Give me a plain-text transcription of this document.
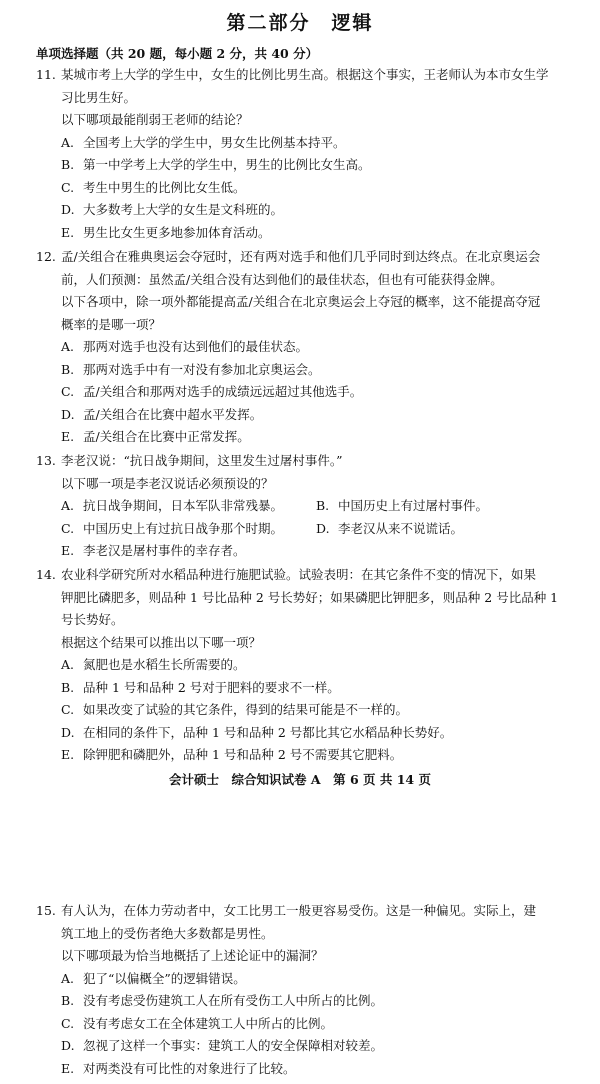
第二部分　逻辑
单项选择题（共 20 题，每小题 2 分，共 40 分）
11. 某城市考上大学的学生中，女生的比例比男生高。根据这个事实，王老师认为本市女生学
习比男生好。
以下哪项最能削弱王老师的结论？
A. 全国考上大学的学生中，男女生比例基本持平。
B. 第一中学考上大学的学生中，男生的比例比女生高。
C. 考生中男生的比例比女生低。
D. 大多数考上大学的女生是文科班的。
E. 男生比女生更多地参加体育活动。
12. 孟/关组合在雅典奥运会夺冠时，还有两对选手和他们几乎同时到达终点。在北京奥运会
前，人们预测：虽然孟/关组合没有达到他们的最佳状态，但也有可能获得金牌。
以下各项中，除一项外都能提高孟/关组合在北京奥运会上夺冠的概率，这不能提高夺冠
概率的是哪一项？
A. 那两对选手也没有达到他们的最佳状态。
B. 那两对选手中有一对没有参加北京奥运会。
C. 孟/关组合和那两对选手的成绩远远超过其他选手。
D. 孟/关组合在比赛中超水平发挥。
E. 孟/关组合在比赛中正常发挥。
13. 李老汉说：“抗日战争期间，这里发生过屠村事件。”
以下哪一项是李老汉说话必须预设的？
A. 抗日战争期间，日本军队非常残暴。	B. 中国历史上有过屠村事件。
C. 中国历史上有过抗日战争那个时期。	D. 李老汉从来不说谎话。
E. 李老汉是屠村事件的幸存者。
14. 农业科学研究所对水稻品种进行施肥试验。试验表明：在其它条件不变的情况下，如果
钾肥比磷肥多，则品种 1 号比品种 2 号长势好；如果磷肥比钾肥多，则品种 2 号比品种 1
号长势好。
根据这个结果可以推出以下哪一项？
A. 氮肥也是水稻生长所需要的。
B. 品种 1 号和品种 2 号对于肥料的要求不一样。
C. 如果改变了试验的其它条件，得到的结果可能是不一样的。
D. 在相同的条件下，品种 1 号和品种 2 号都比其它水稻品种长势好。
E. 除钾肥和磷肥外，品种 1 号和品种 2 号不需要其它肥料。
会计硕士　综合知识试卷 A　第 6 页 共 14 页
15. 有人认为，在体力劳动者中，女工比男工一般更容易受伤。这是一种偏见。实际上，建
筑工地上的受伤者绝大多数都是男性。
以下哪项最为恰当地概括了上述论证中的漏洞？
A. 犯了“以偏概全”的逻辑错误。
B. 没有考虑受伤建筑工人在所有受伤工人中所占的比例。
C. 没有考虑女工在全体建筑工人中所占的比例。
D. 忽视了这样一个事实：建筑工人的安全保障相对较差。
E. 对两类没有可比性的对象进行了比较。
